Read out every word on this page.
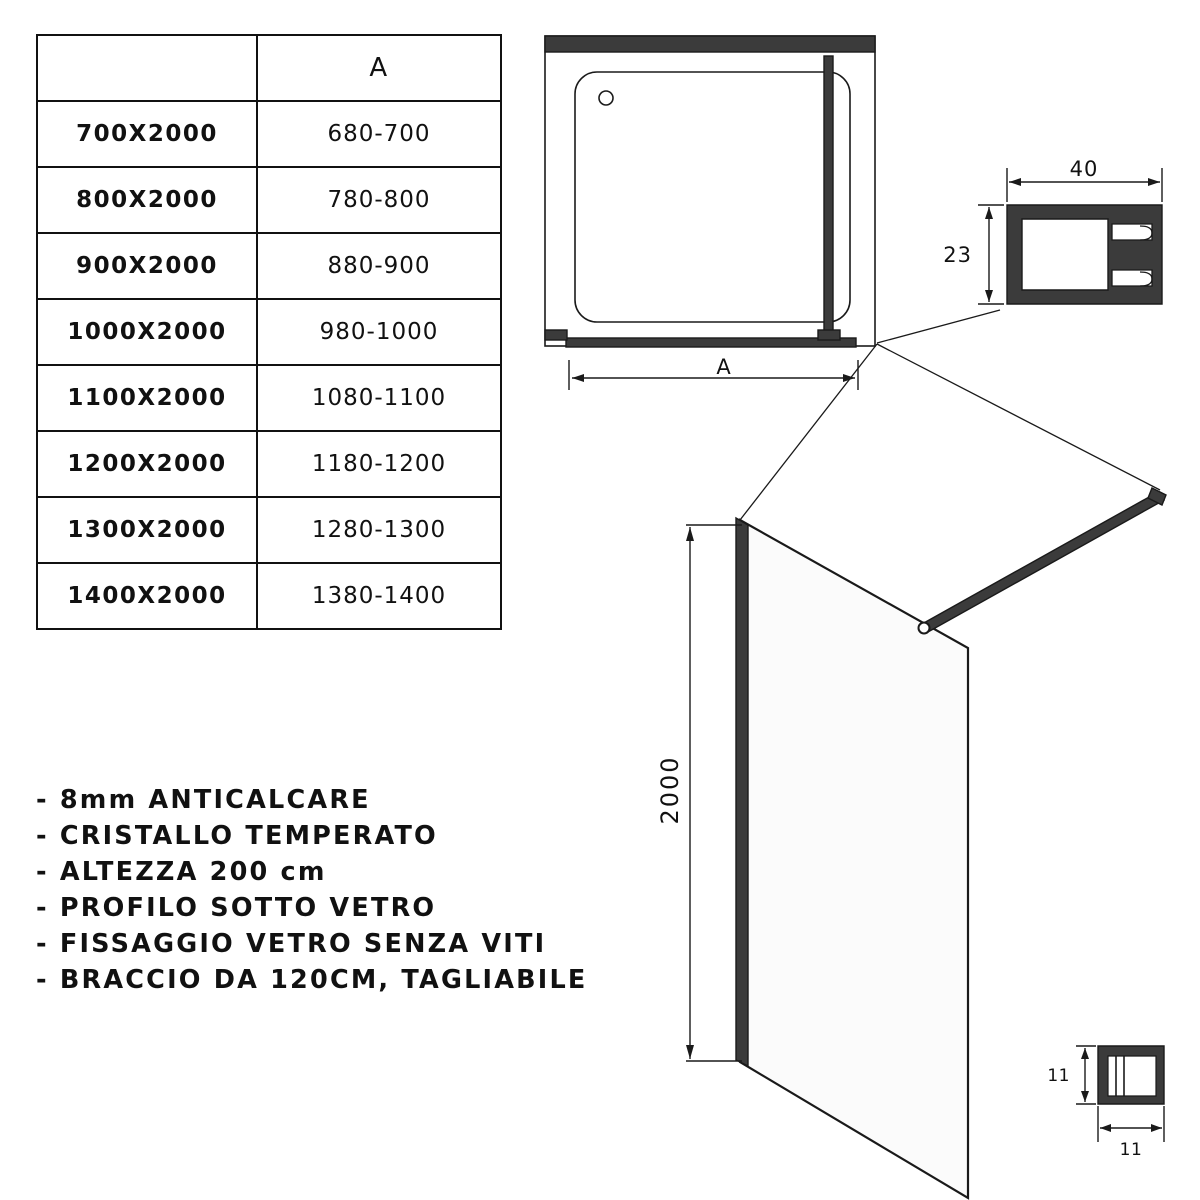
	A
700X2000	680-700
800X2000	780-800
900X2000	880-900
1000X2000	980-1000
1100X2000	1080-1100
1200X2000	1180-1200
1300X2000	1280-1300
1400X2000	1380-1400
- 8mm ANTICALCARE
- CRISTALLO TEMPERATO
- ALTEZZA 200 cm
- PROFILO SOTTO VETRO
- FISSAGGIO VETRO SENZA VITI
- BRACCIO DA 120CM, TAGLIABILE
A
40
23
2000
11
11
